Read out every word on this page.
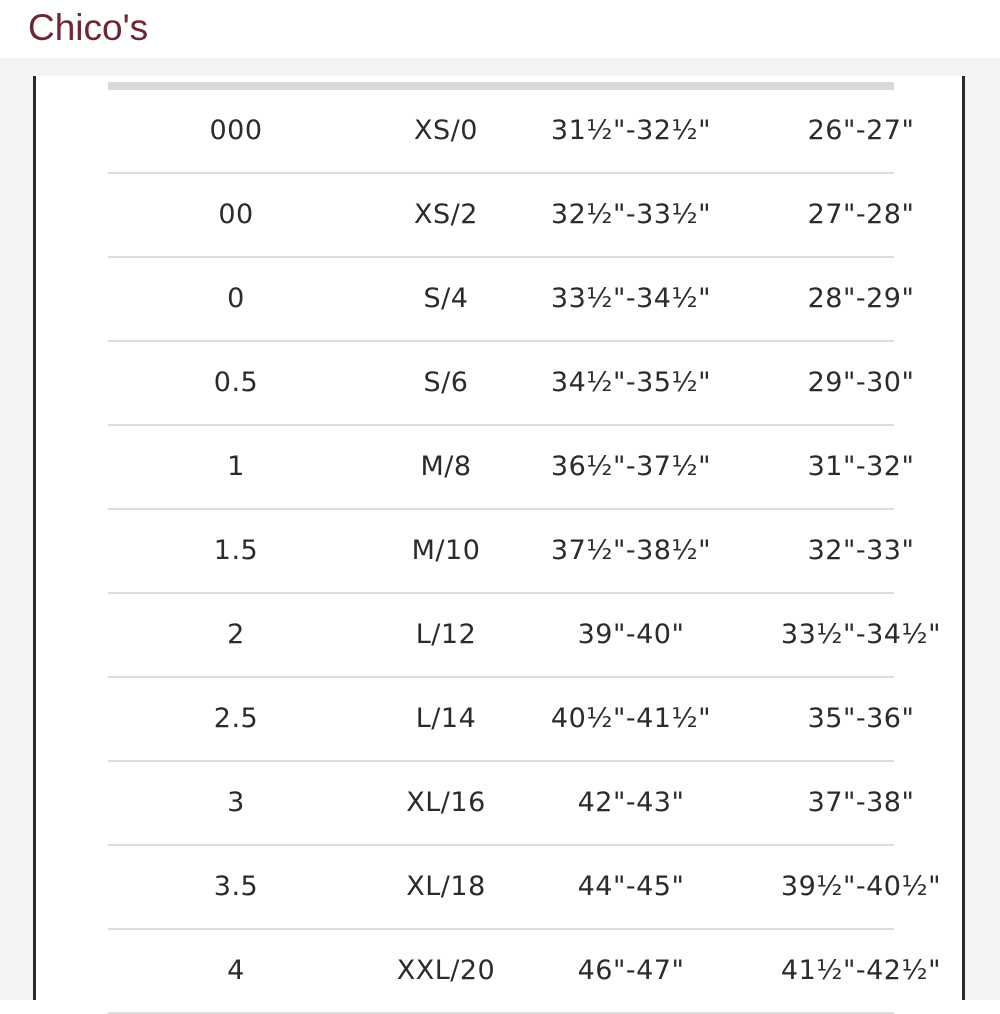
Chico's
000	XS/0	31½"-32½"	26"-27"
00	XS/2	32½"-33½"	27"-28"
0	S/4	33½"-34½"	28"-29"
0.5	S/6	34½"-35½"	29"-30"
1	M/8	36½"-37½"	31"-32"
1.5	M/10	37½"-38½"	32"-33"
2	L/12	39"-40"	33½"-34½"
2.5	L/14	40½"-41½"	35"-36"
3	XL/16	42"-43"	37"-38"
3.5	XL/18	44"-45"	39½"-40½"
4	XXL/20	46"-47"	41½"-42½"
